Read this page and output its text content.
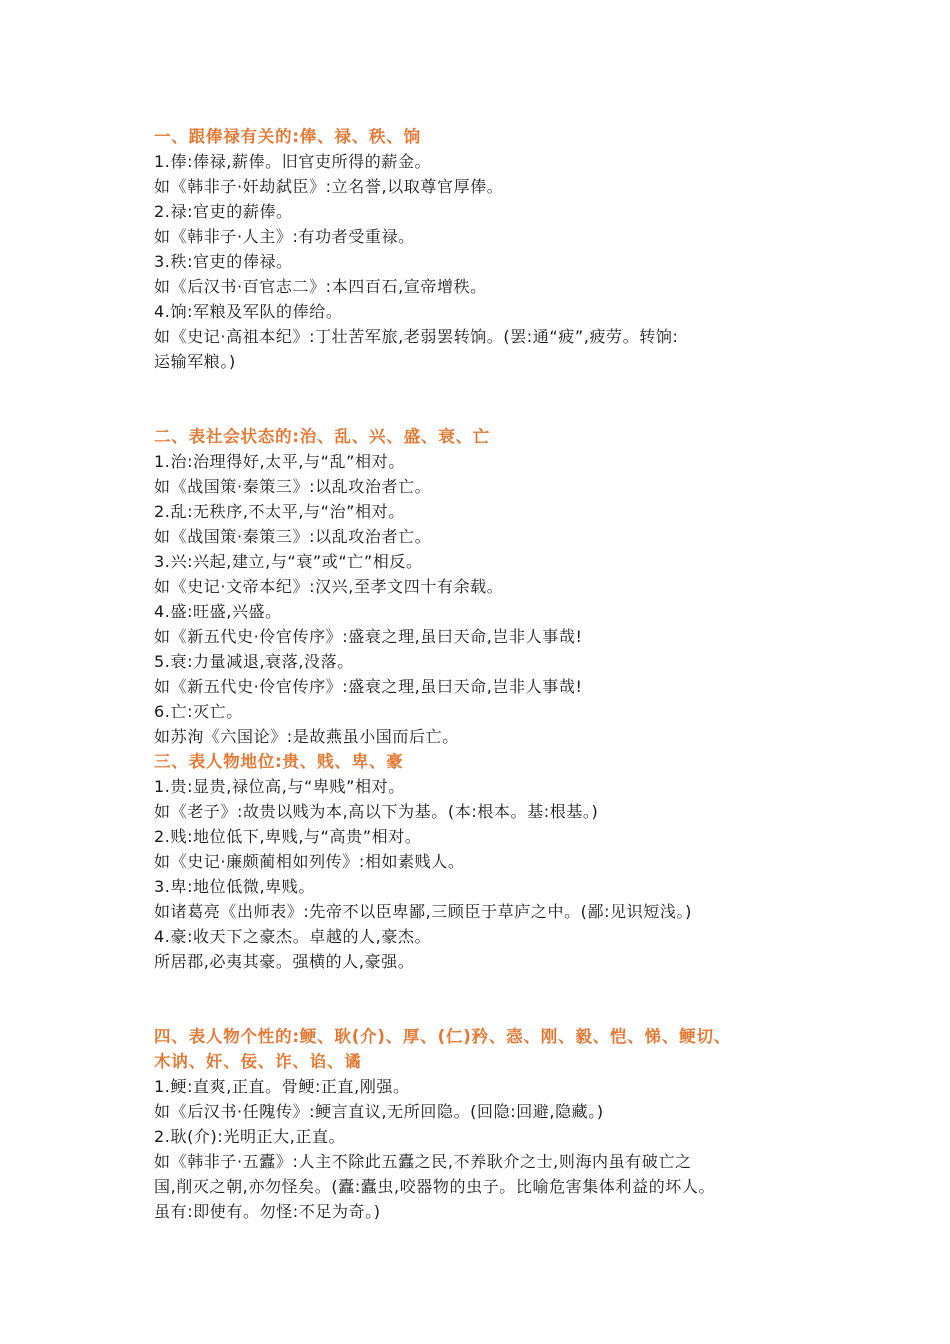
一、跟俸禄有关的:俸、禄、秩、饷
1.俸:俸禄,薪俸。旧官吏所得的薪金。
如《韩非子·奸劫弑臣》:立名誉,以取尊官厚俸。
2.禄:官吏的薪俸。
如《韩非子·人主》:有功者受重禄。
3.秩:官吏的俸禄。
如《后汉书·百官志二》:本四百石,宣帝增秩。
4.饷:军粮及军队的俸给。
如《史记·高祖本纪》:丁壮苦军旅,老弱罢转饷。(罢:通“疲”,疲劳。转饷:
运输军粮。)
二、表社会状态的:治、乱、兴、盛、衰、亡
1.治:治理得好,太平,与“乱”相对。
如《战国策·秦策三》:以乱攻治者亡。
2.乱:无秩序,不太平,与“治”相对。
如《战国策·秦策三》:以乱攻治者亡。
3.兴:兴起,建立,与“衰”或“亡”相反。
如《史记·文帝本纪》:汉兴,至孝文四十有余载。
4.盛:旺盛,兴盛。
如《新五代史·伶官传序》:盛衰之理,虽曰天命,岂非人事哉!
5.衰:力量减退,衰落,没落。
如《新五代史·伶官传序》:盛衰之理,虽曰天命,岂非人事哉!
6.亡:灭亡。
如苏洵《六国论》:是故燕虽小国而后亡。
三、表人物地位:贵、贱、卑、豪
1.贵:显贵,禄位高,与“卑贱”相对。
如《老子》:故贵以贱为本,高以下为基。(本:根本。基:根基。)
2.贱:地位低下,卑贱,与“高贵”相对。
如《史记·廉颇蔺相如列传》:相如素贱人。
3.卑:地位低微,卑贱。
如诸葛亮《出师表》:先帝不以臣卑鄙,三顾臣于草庐之中。(鄙:见识短浅。)
4.豪:收天下之豪杰。卓越的人,豪杰。
所居郡,必夷其豪。强横的人,豪强。
四、表人物个性的:鲠、耿(介)、厚、(仁)矜、悫、刚、毅、恺、悌、鲠切、
木讷、奸、佞、诈、谄、谲
1.鲠:直爽,正直。骨鲠:正直,刚强。
如《后汉书·任隗传》:鲠言直议,无所回隐。(回隐:回避,隐藏。)
2.耿(介):光明正大,正直。
如《韩非子·五蠹》:人主不除此五蠹之民,不养耿介之士,则海内虽有破亡之
国,削灭之朝,亦勿怪矣。(蠹:蠹虫,咬器物的虫子。比喻危害集体利益的坏人。
虽有:即使有。勿怪:不足为奇。)
